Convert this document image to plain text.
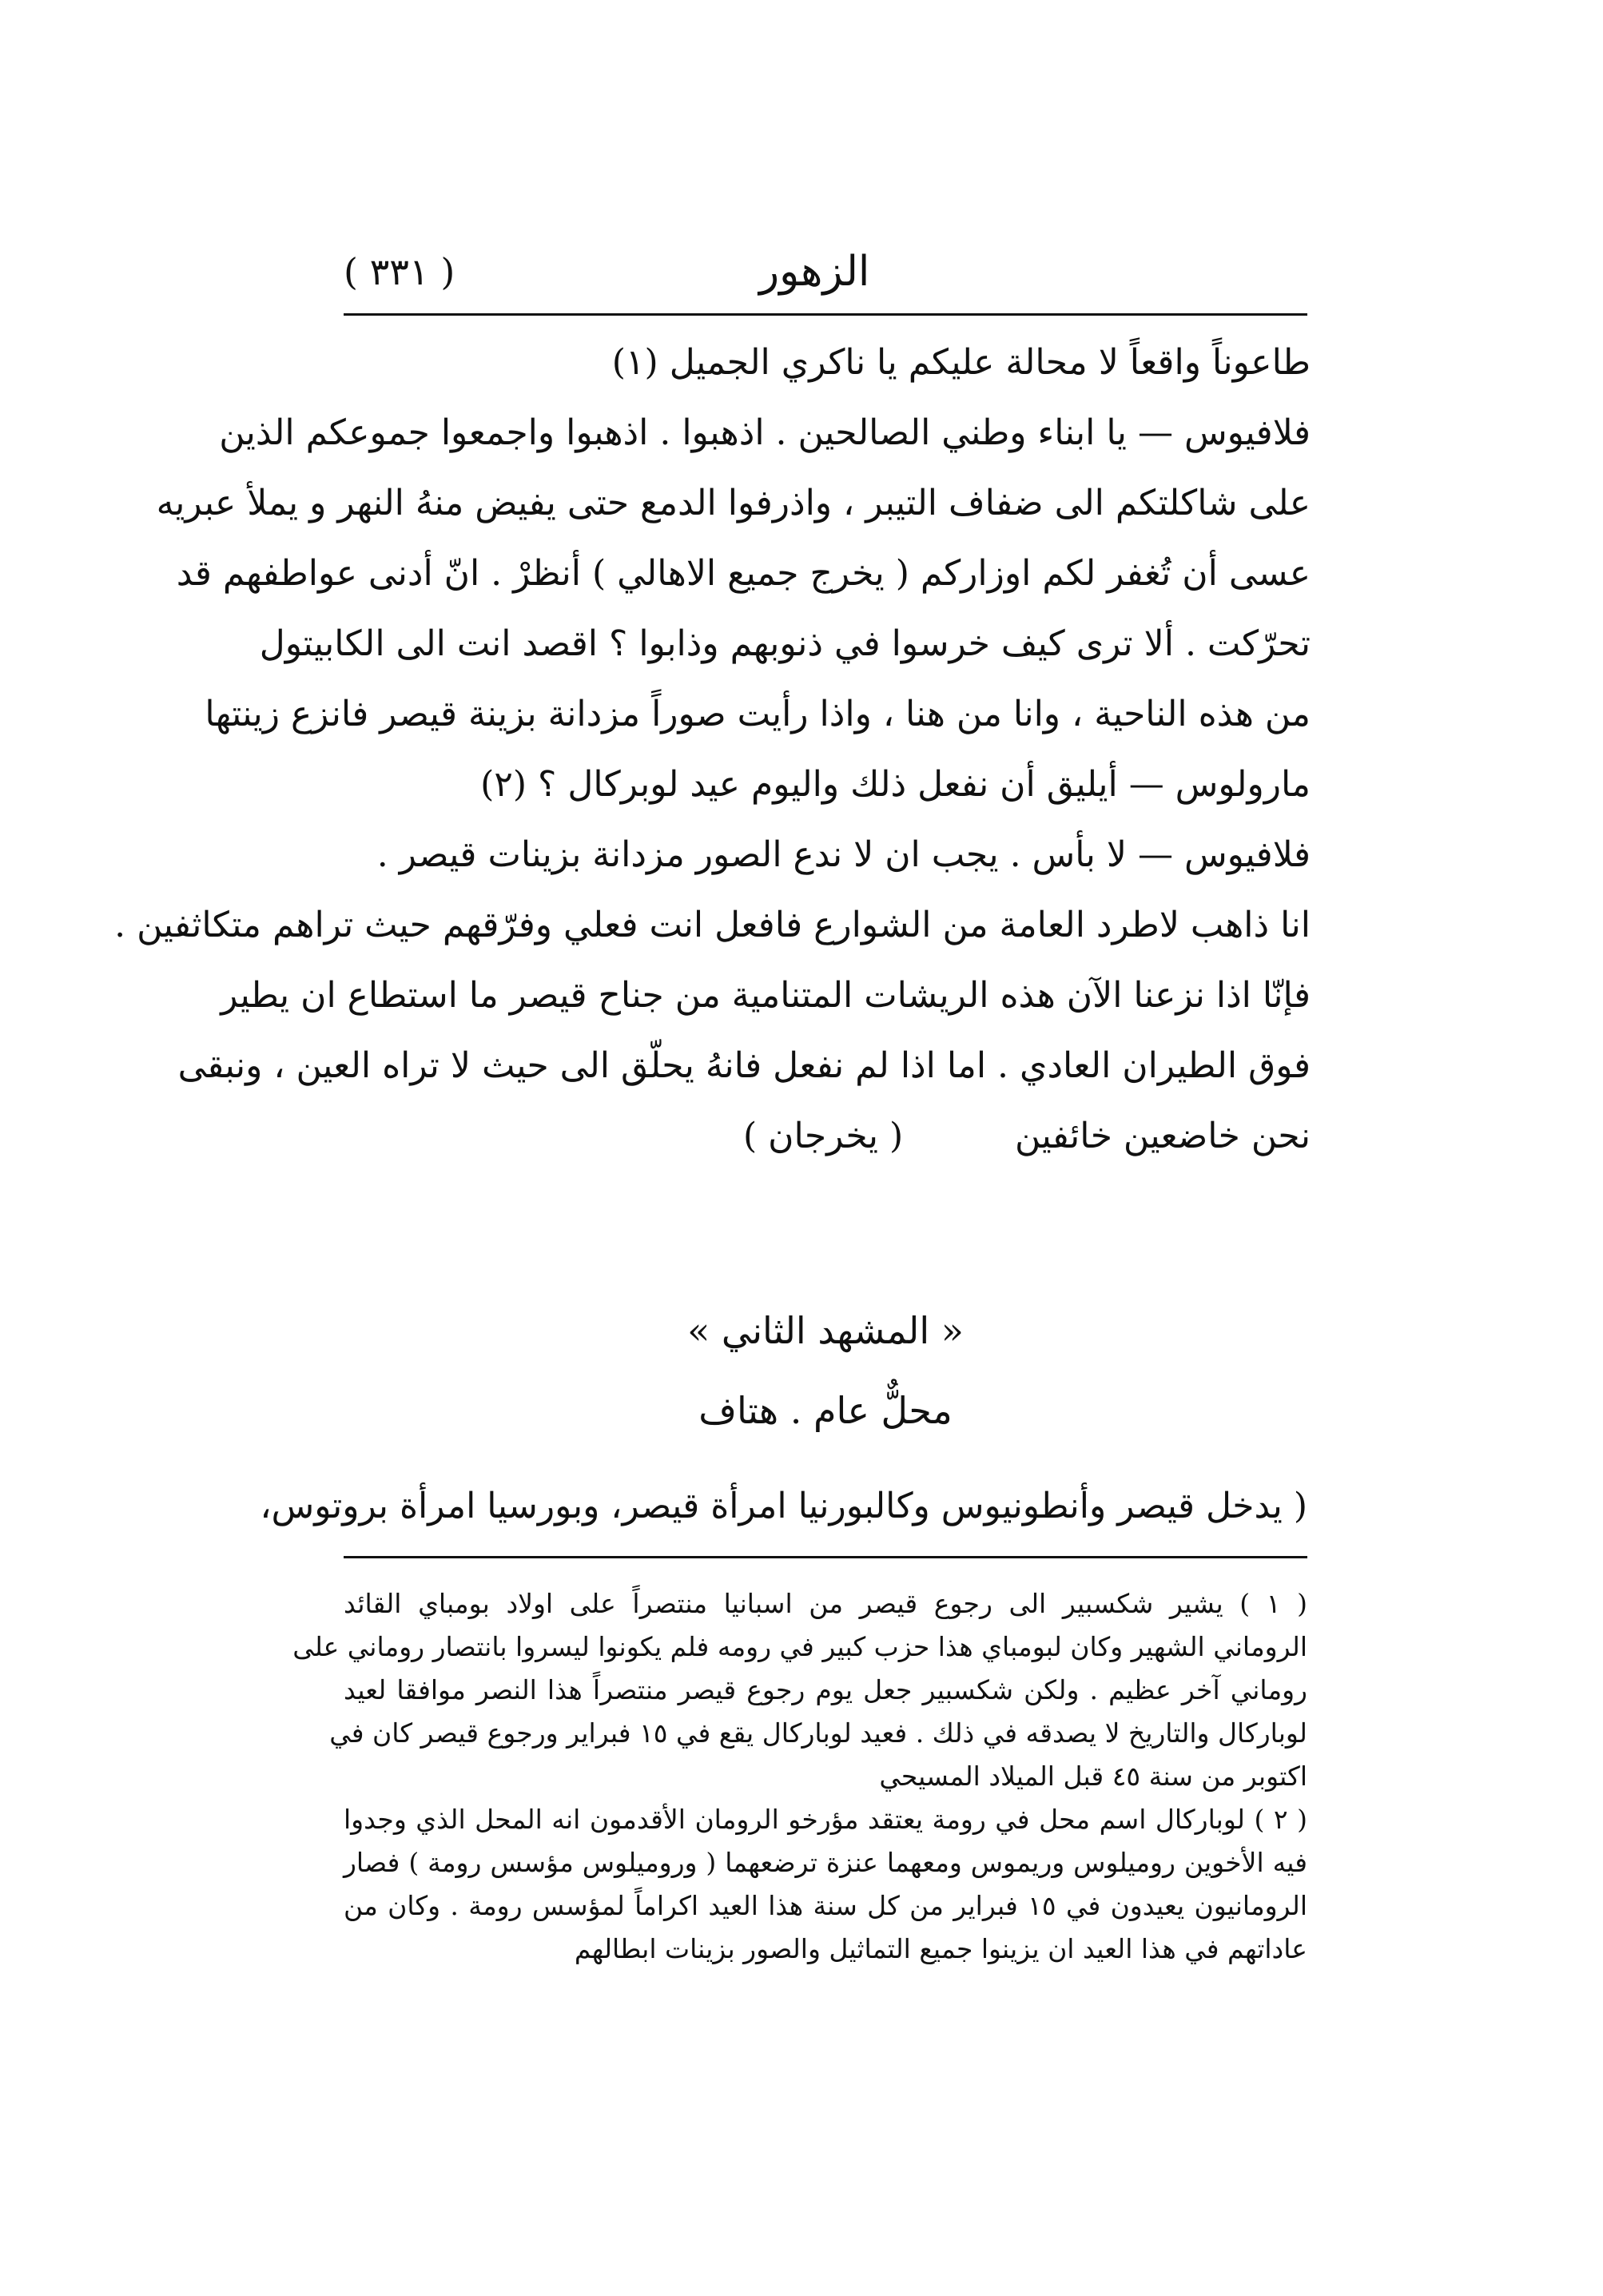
( ٣٣١ )	الزهور
طاعوناً واقعاً لا محالة عليكم يا ناكري الجميل (١)
فلافيوس — يا ابناء وطني الصالحين . اذهبوا . اذهبوا واجمعوا جموعكم الذين
على شاكلتكم الى ضفاف التيبر ، واذرفوا الدمع حتى يفيض منهُ النهر و يملأ عبريه
عسى أن تُغفر لكم اوزاركم ( يخرج جميع الاهالي ) أنظرْ . انّ أدنى عواطفهم قد
تحرّكت . ألا ترى كيف خرسوا في ذنوبهم وذابوا ؟ اقصد انت الى الكابيتول
من هذه الناحية ، وانا من هنا ، واذا رأيت صوراً مزدانة بزينة قيصر فانزع زينتها
مارولوس — أيليق أن نفعل ذلك واليوم عيد لوبركال ؟ (٢)
فلافيوس — لا بأس . يجب ان لا ندع الصور مزدانة بزينات قيصر .
انا ذاهب لاطرد العامة من الشوارع فافعل انت فعلي وفرّقهم حيث تراهم متكاثفين .
فإنّا اذا نزعنا الآن هذه الريشات المتنامية من جناح قيصر ما استطاع ان يطير
فوق الطيران العادي . اما اذا لم نفعل فانهُ يحلّق الى حيث لا تراه العين ، ونبقى
نحن خاضعين خائفين          ( يخرجان )
« المشهد الثاني »
محلٌّ عام . هتاف
( يدخل قيصر وأنطونيوس وكالبورنيا امرأة قيصر، وبورسيا امرأة بروتوس،
( ١ ) يشير شكسبير الى رجوع قيصر من اسبانيا منتصراً على اولاد بومباي القائد
الروماني الشهير وكان لبومباي هذا حزب كبير في رومه فلم يكونوا ليسروا بانتصار روماني على
روماني آخر عظيم . ولكن شكسبير جعل يوم رجوع قيصر منتصراً هذا النصر موافقا لعيد
لوباركال والتاريخ لا يصدقه في ذلك . فعيد لوباركال يقع في ١٥ فبراير ورجوع قيصر كان في
اكتوبر من سنة ٤٥ قبل الميلاد المسيحي
( ٢ ) لوباركال اسم محل في رومة يعتقد مؤرخو الرومان الأقدمون انه المحل الذي وجدوا
فيه الأخوين روميلوس وريموس ومعهما عنزة ترضعهما ( وروميلوس مؤسس رومة ) فصار
الرومانيون يعيدون في ١٥ فبراير من كل سنة هذا العيد اكراماً لمؤسس رومة . وكان من
عاداتهم في هذا العيد ان يزينوا جميع التماثيل والصور بزينات ابطالهم
